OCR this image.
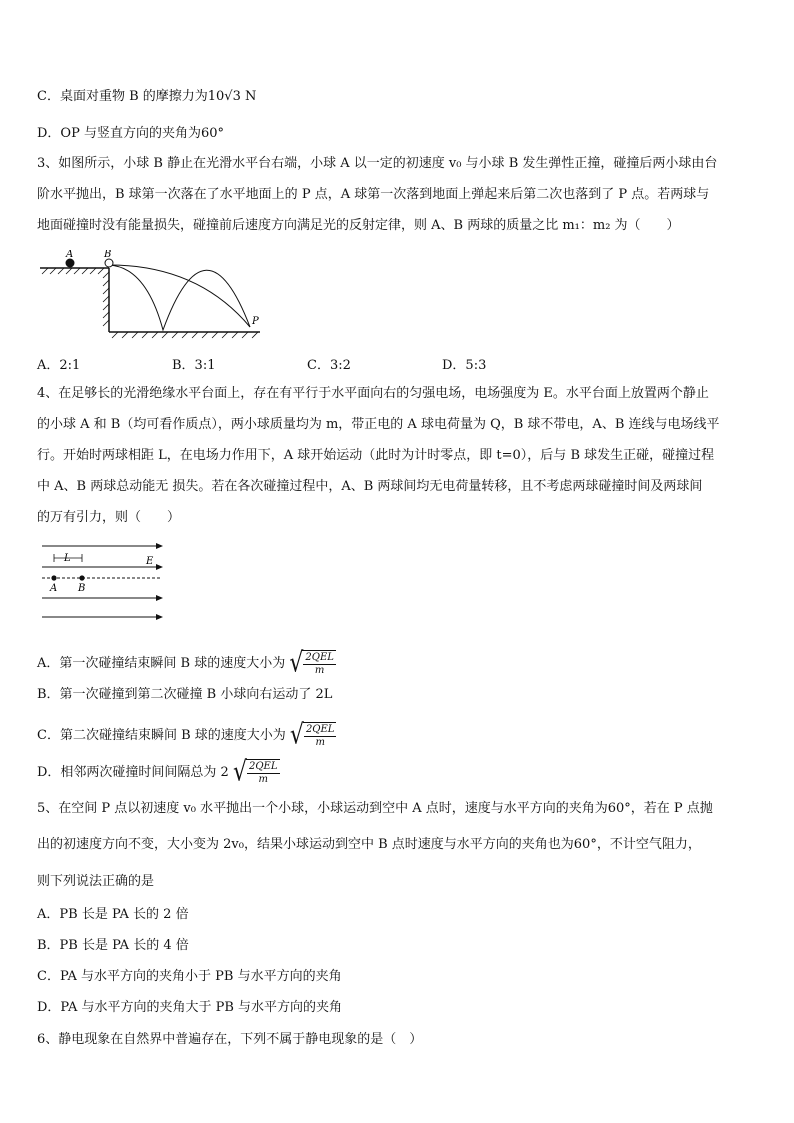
C．桌面对重物 B 的摩擦力为10√3 N
D．OP 与竖直方向的夹角为60°
3、如图所示，小球 B 静止在光滑水平台右端，小球 A 以一定的初速度 v₀ 与小球 B 发生弹性正撞，碰撞后两小球由台
阶水平抛出，B 球第一次落在了水平地面上的 P 点，A 球第一次落到地面上弹起来后第二次也落到了 P 点。若两球与
地面碰撞时没有能量损失，碰撞前后速度方向满足光的反射定律，则 A、B 两球的质量之比 m₁：m₂ 为（　　）
A	B
P
A．2:1	B．3:1	C．3:2	D．5:3
4、在足够长的光滑绝缘水平台面上，存在有平行于水平面向右的匀强电场，电场强度为 E。水平台面上放置两个静止
的小球 A 和 B（均可看作质点），两小球质量均为 m，带正电的 A 球电荷量为 Q，B 球不带电，A、B 连线与电场线平
行。开始时两球相距 L，在电场力作用下，A 球开始运动（此时为计时零点，即 t=0），后与 B 球发生正碰，碰撞过程
中 A、B 两球总动能无 损失。若在各次碰撞过程中，A、B 两球间均无电荷量转移，且不考虑两球碰撞时间及两球间
的万有引力，则（　　）
L	E
A B
A．第一次碰撞结束瞬间 B 球的速度大小为 √ $\frac{\text{2QEL}}{m}$
B．第一次碰撞到第二次碰撞 B 小球向右运动了 2L
C．第二次碰撞结束瞬间 B 球的速度大小为 √ $\frac{\text{2QEL}}{m}$
D．相邻两次碰撞时间间隔总为 2 √ $\frac{\text{2QEL}}{m}$
5、在空间 P 点以初速度 v₀ 水平抛出一个小球，小球运动到空中 A 点时，速度与水平方向的夹角为60°，若在 P 点抛
出的初速度方向不变，大小变为 2v₀，结果小球运动到空中 B 点时速度与水平方向的夹角也为60°，不计空气阻力，
则下列说法正确的是
A．PB 长是 PA 长的 2 倍
B．PB 长是 PA 长的 4 倍
C．PA 与水平方向的夹角小于 PB 与水平方向的夹角
D．PA 与水平方向的夹角大于 PB 与水平方向的夹角
6、静电现象在自然界中普遍存在，下列不属于静电现象的是（　）
